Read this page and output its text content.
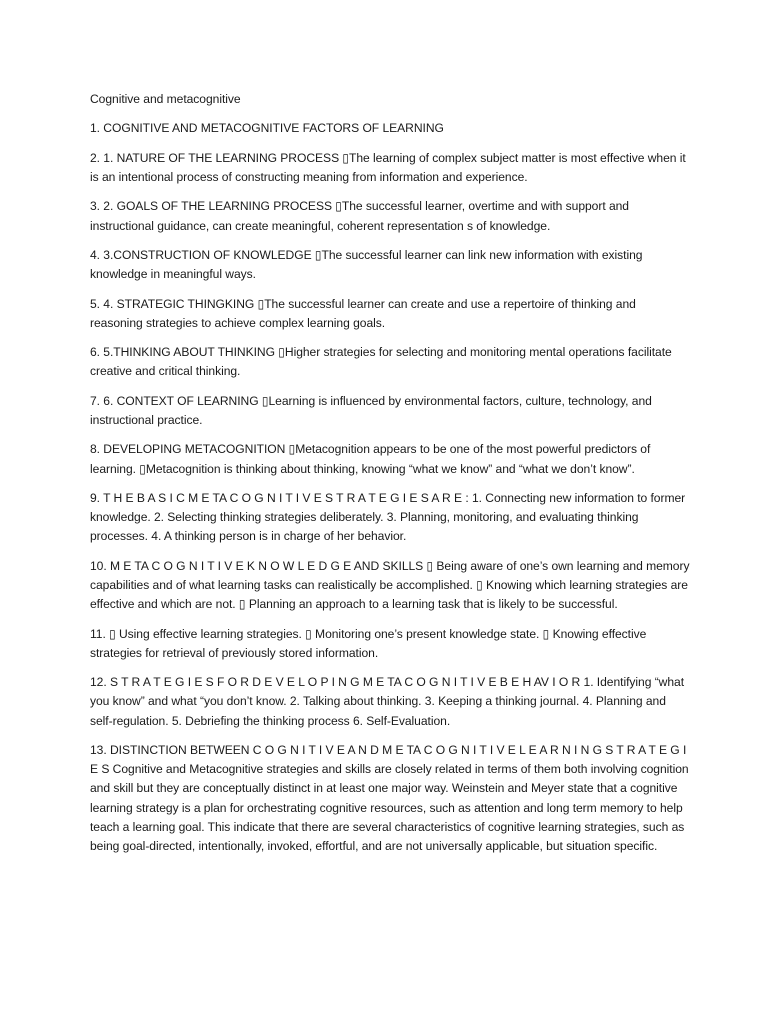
Cognitive and metacognitive

1. COGNITIVE AND METACOGNITIVE FACTORS OF LEARNING

2. 1. NATURE OF THE LEARNING PROCESS ▯The learning of complex subject matter is most effective when it is an intentional process of constructing meaning from information and experience.

3. 2. GOALS OF THE LEARNING PROCESS ▯The successful learner, overtime and with support and instructional guidance, can create meaningful, coherent representation s of knowledge.

4. 3.CONSTRUCTION OF KNOWLEDGE ▯The successful learner can link new information with existing knowledge in meaningful ways.

5. 4. STRATEGIC THINGKING ▯The successful learner can create and use a repertoire of thinking and reasoning strategies to achieve complex learning goals.

6. 5.THINKING ABOUT THINKING ▯Higher strategies for selecting and monitoring mental operations facilitate creative and critical thinking.

7. 6. CONTEXT OF LEARNING ▯Learning is influenced by environmental factors, culture, technology, and instructional practice.

8. DEVELOPING METACOGNITION ▯Metacognition appears to be one of the most powerful predictors of learning. ▯Metacognition is thinking about thinking, knowing “what we know” and “what we don’t know”.

9. T H E B A S I C M E TA C O G N I T I V E S T R A T E G I E S A R E : 1. Connecting new information to former knowledge. 2. Selecting thinking strategies deliberately. 3. Planning, monitoring, and evaluating thinking processes. 4. A thinking person is in charge of her behavior.

10. M E TA C O G N I T I V E K N O W L E D G E AND SKILLS ▯ Being aware of one’s own learning and memory capabilities and of what learning tasks can realistically be accomplished. ▯ Knowing which learning strategies are effective and which are not. ▯ Planning an approach to a learning task that is likely to be successful.

11. ▯ Using effective learning strategies. ▯ Monitoring one’s present knowledge state. ▯ Knowing effective strategies for retrieval of previously stored information.

12. S T R A T E G I E S F O R D E V E L O P I N G M E TA C O G N I T I V E B E H AV I O R 1. Identifying “what you know” and what “you don’t know. 2. Talking about thinking. 3. Keeping a thinking journal. 4. Planning and self-regulation. 5. Debriefing the thinking process 6. Self-Evaluation.

13. DISTINCTION BETWEEN C O G N I T I V E A N D M E TA C O G N I T I V E L E A R N I N G S T R A T E G I E S Cognitive and Metacognitive strategies and skills are closely related in terms of them both involving cognition and skill but they are conceptually distinct in at least one major way. Weinstein and Meyer state that a cognitive learning strategy is a plan for orchestrating cognitive resources, such as attention and long term memory to help teach a learning goal. This indicate that there are several characteristics of cognitive learning strategies, such as being goal-directed, intentionally, invoked, effortful, and are not universally applicable, but situation specific.
